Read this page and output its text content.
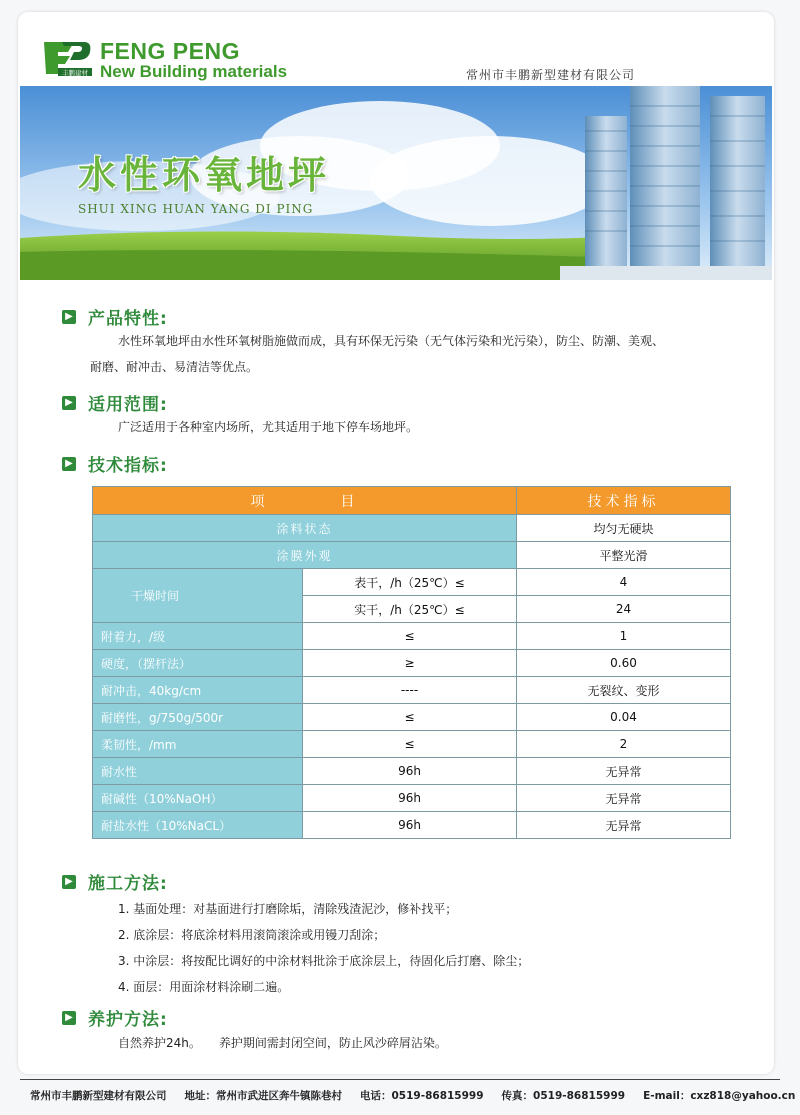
丰鹏建材
FENG PENG
New Building materials	常州市丰鹏新型建材有限公司
水性环氧地坪
SHUI XING HUAN YANG DI PING
▶ 产品特性:
水性环氧地坪由水性环氧树脂施做而成，具有环保无污染（无气体污染和光污染），防尘、防潮、美观、
耐磨、耐冲击、易清洁等优点。
▶ 适用范围:
广泛适用于各种室内场所，尤其适用于地下停车场地坪。
▶ 技术指标:
项　　　　目		技术指标
涂料状态		均匀无硬块
涂膜外观		平整光滑
干燥时间	表干，/h（25℃）≤	4
	实干，/h（25℃）≤	24
附着力，/级	≤	1
硬度，（摆杆法）	≥	0.60
耐冲击，40kg/cm	----	无裂纹、变形
耐磨性，g/750g/500r	≤	0.04
柔韧性，/mm	≤	2
耐水性	96h	无异常
耐碱性（10%NaOH）	96h	无异常
耐盐水性（10%NaCL）	96h	无异常
▶ 施工方法:
1. 基面处理：对基面进行打磨除垢，清除残渣泥沙，修补找平；
2. 底涂层：将底涂材料用滚筒滚涂或用镘刀刮涂；
3. 中涂层：将按配比调好的中涂材料批涂于底涂层上，待固化后打磨、除尘；
4. 面层：用面涂材料涂刷二遍。
▶ 养护方法:
自然养护24h。　　养护期间需封闭空间，防止风沙碎屑沾染。
常州市丰鹏新型建材有限公司 地址：常州市武进区奔牛镇陈巷村 电话：0519-86815999 传真：0519-86815999 E-mail：cxz818@yahoo.cn
